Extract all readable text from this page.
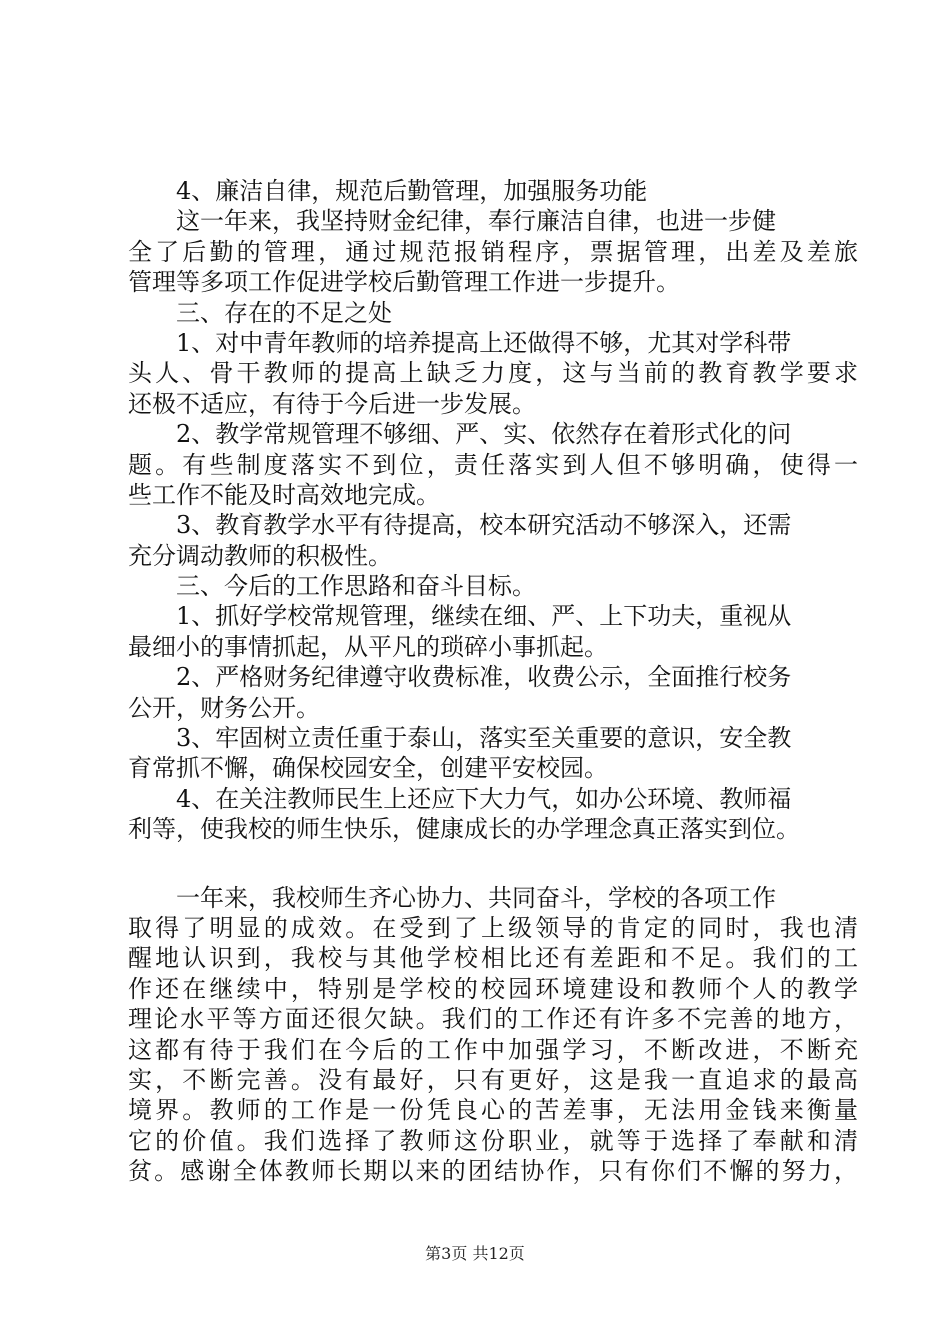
4、廉洁自律，规范后勤管理，加强服务功能
这一年来，我坚持财金纪律，奉行廉洁自律，也进一步健
全了后勤的管理，通过规范报销程序，票据管理，出差及差旅
管理等多项工作促进学校后勤管理工作进一步提升。
三、存在的不足之处
1、对中青年教师的培养提高上还做得不够，尤其对学科带
头人、骨干教师的提高上缺乏力度，这与当前的教育教学要求
还极不适应，有待于今后进一步发展。
2、教学常规管理不够细、严、实、依然存在着形式化的问
题。有些制度落实不到位，责任落实到人但不够明确，使得一
些工作不能及时高效地完成。
3、教育教学水平有待提高，校本研究活动不够深入，还需
充分调动教师的积极性。
三、今后的工作思路和奋斗目标。
1、抓好学校常规管理，继续在细、严、上下功夫，重视从
最细小的事情抓起，从平凡的琐碎小事抓起。
2、严格财务纪律遵守收费标准，收费公示，全面推行校务
公开，财务公开。
3、牢固树立责任重于泰山，落实至关重要的意识，安全教
育常抓不懈，确保校园安全，创建平安校园。
4、在关注教师民生上还应下大力气，如办公环境、教师福
利等，使我校的师生快乐，健康成长的办学理念真正落实到位。
一年来，我校师生齐心协力、共同奋斗，学校的各项工作
取得了明显的成效。在受到了上级领导的肯定的同时，我也清
醒地认识到，我校与其他学校相比还有差距和不足。我们的工
作还在继续中，特别是学校的校园环境建设和教师个人的教学
理论水平等方面还很欠缺。我们的工作还有许多不完善的地方，
这都有待于我们在今后的工作中加强学习，不断改进，不断充
实，不断完善。没有最好，只有更好，这是我一直追求的最高
境界。教师的工作是一份凭良心的苦差事，无法用金钱来衡量
它的价值。我们选择了教师这份职业，就等于选择了奉献和清
贫。感谢全体教师长期以来的团结协作，只有你们不懈的努力，
第3页 共12页
